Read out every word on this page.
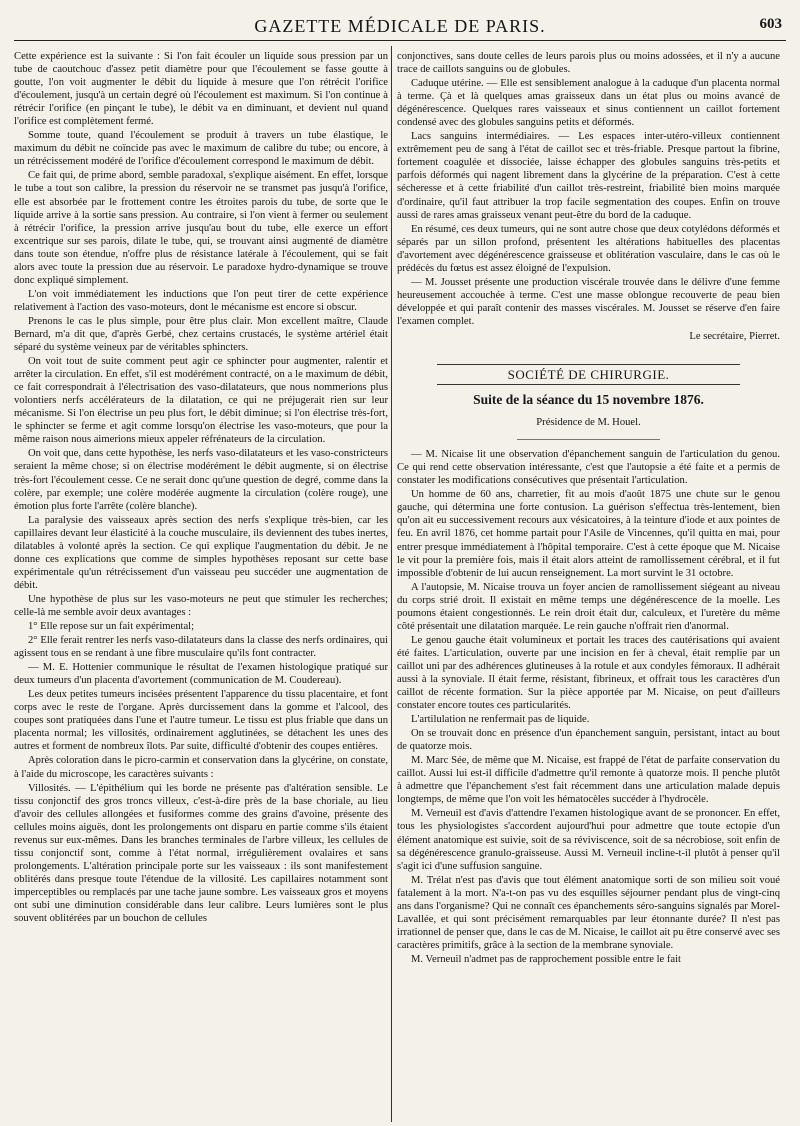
GAZETTE MÉDICALE DE PARIS.	603

Cette expérience est la suivante : Si l'on fait écouler un liquide sous pression par un tube de caoutchouc d'assez petit diamètre pour que l'écoulement se fasse goutte à goutte, l'on voit augmenter le débit du liquide à mesure que l'on rétrécit l'orifice d'écoulement, jusqu'à un certain degré où l'écoulement est maximum. Si l'on continue à rétrécir l'orifice (en pinçant le tube), le débit va en diminuant, et devient nul quand l'orifice est complètement fermé.

Somme toute, quand l'écoulement se produit à travers un tube élastique, le maximum du débit ne coïncide pas avec le maximum de calibre du tube; ou encore, à un rétrécissement modéré de l'orifice d'écoulement correspond le maximum de débit.

Ce fait qui, de prime abord, semble paradoxal, s'explique aisément. En effet, lorsque le tube a tout son calibre, la pression du réservoir ne se transmet pas jusqu'à l'orifice, elle est absorbée par le frottement contre les étroites parois du tube, de sorte que le liquide arrive à la sortie sans pression. Au contraire, si l'on vient à fermer ou seulement à rétrécir l'orifice, la pression arrive jusqu'au bout du tube, elle exerce un effort excentrique sur ses parois, dilate le tube, qui, se trouvant ainsi augmenté de diamètre dans toute son étendue, n'offre plus de résistance latérale à l'écoulement, qui se fait alors avec toute la pression due au réservoir. Le paradoxe hydro-dynamique se trouve donc expliqué simplement.

L'on voit immédiatement les inductions que l'on peut tirer de cette expérience relativement à l'action des vaso-moteurs, dont le mécanisme est encore si obscur.

Prenons le cas le plus simple, pour être plus clair. Mon excellent maître, Claude Bernard, m'a dit que, d'après Gerbé, chez certains crustacés, le système artériel était séparé du système veineux par de véritables sphincters.

On voit tout de suite comment peut agir ce sphincter pour augmenter, ralentir et arrêter la circulation. En effet, s'il est modérément contracté, on a le maximum de débit, ce fait correspondrait à l'électrisation des vaso-dilatateurs, que nous nommerions plus volontiers nerfs accélérateurs de la dilatation, ce qui ne préjugerait rien sur leur mécanisme. Si l'on électrise un peu plus fort, le débit diminue; si l'on électrise très-fort, le sphincter se ferme et agit comme lorsqu'on électrise les vaso-moteurs, que pour la même raison nous aimerions mieux appeler réfrénateurs de la circulation.

On voit que, dans cette hypothèse, les nerfs vaso-dilatateurs et les vaso-constricteurs seraient la même chose; si on électrise modérément le débit augmente, si on électrise très-fort l'écoulement cesse. Ce ne serait donc qu'une question de degré, comme dans la colère, par exemple; une colère modérée augmente la circulation (colère rouge), une émotion plus forte l'arrête (colère blanche).

La paralysie des vaisseaux après section des nerfs s'explique très-bien, car les capillaires devant leur élasticité à la couche musculaire, ils deviennent des tubes inertes, dilatables à volonté après la section. Ce qui explique l'augmentation du débit. Je ne donne ces explications que comme de simples hypothèses reposant sur cette base expérimentale qu'un rétrécissement d'un vaisseau peu succéder une augmentation de débit.

Une hypothèse de plus sur les vaso-moteurs ne peut que stimuler les recherches; celle-là me semble avoir deux avantages :

1° Elle repose sur un fait expérimental;

2° Elle ferait rentrer les nerfs vaso-dilatateurs dans la classe des nerfs ordinaires, qui agissent tous en se rendant à une fibre musculaire qu'ils font contracter.

— M. E. Hottenier communique le résultat de l'examen histologique pratiqué sur deux tumeurs d'un placenta d'avortement (communication de M. Coudereau).

Les deux petites tumeurs incisées présentent l'apparence du tissu placentaire, et font corps avec le reste de l'organe. Après durcissement dans la gomme et l'alcool, des coupes sont pratiquées dans l'une et l'autre tumeur. Le tissu est plus friable que dans un placenta normal; les villosités, ordinairement agglutinées, se détachent les unes des autres et forment de nombreux îlots. Par suite, difficulté d'obtenir des coupes entières.

Après coloration dans le picro-carmin et conservation dans la glycérine, on constate, à l'aide du microscope, les caractères suivants :

Villosités. — L'épithélium qui les borde ne présente pas d'altération sensible. Le tissu conjonctif des gros troncs villeux, c'est-à-dire près de la base choriale, au lieu d'avoir des cellules allongées et fusiformes comme des grains d'avoine, présente des cellules moins aiguës, dont les prolongements ont disparu en partie comme s'ils étaient revenus sur eux-mêmes. Dans les branches terminales de l'arbre villeux, les cellules de tissu conjonctif sont, comme à l'état normal, irrégulièrement ovalaires et sans prolongements. L'altération principale porte sur les vaisseaux : ils sont manifestement oblitérés dans presque toute l'étendue de la villosité. Les capillaires notamment sont imperceptibles ou remplacés par une tache jaune sombre. Les vaisseaux gros et moyens ont subi une diminution considérable dans leur calibre. Leurs lumières sont le plus souvent oblitérées par un bouchon de cellules

conjonctives, sans doute celles de leurs parois plus ou moins adossées, et il n'y a aucune trace de caillots sanguins ou de globules.

Caduque utérine. — Elle est sensiblement analogue à la caduque d'un placenta normal à terme. Çà et là quelques amas graisseux dans un état plus ou moins avancé de dégénérescence. Quelques rares vaisseaux et sinus contiennent un caillot fortement condensé avec des globules sanguins petits et déformés.

Lacs sanguins intermédiaires. — Les espaces inter-utéro-villeux contiennent extrêmement peu de sang à l'état de caillot sec et très-friable. Presque partout la fibrine, fortement coagulée et dissociée, laisse échapper des globules sanguins très-petits et parfois déformés qui nagent librement dans la glycérine de la préparation. C'est à cette sécheresse et à cette friabilité d'un caillot très-restreint, friabilité bien moins marquée d'ordinaire, qu'il faut attribuer la trop facile segmentation des coupes. Enfin on trouve aussi de rares amas graisseux venant peut-être du bord de la caduque.

En résumé, ces deux tumeurs, qui ne sont autre chose que deux cotylédons déformés et séparés par un sillon profond, présentent les altérations habituelles des placentas d'avortement avec dégénérescence graisseuse et oblitération vasculaire, dans le cas où le prédécès du fœtus est assez éloigné de l'expulsion.

— M. Jousset présente une production viscérale trouvée dans le délivre d'une femme heureusement accouchée à terme. C'est une masse oblongue recouverte de peau bien développée et qui paraît contenir des masses viscérales. M. Jousset se réserve d'en faire l'examen complet.

Le secrétaire, Pierret.

SOCIÉTÉ DE CHIRURGIE.
Suite de la séance du 15 novembre 1876.
Présidence de M. Houel.

— M. Nicaise lit une observation d'épanchement sanguin de l'articulation du genou. Ce qui rend cette observation intéressante, c'est que l'autopsie a été faite et a permis de constater les modifications consécutives que présentait l'articulation.

Un homme de 60 ans, charretier, fit au mois d'août 1875 une chute sur le genou gauche, qui détermina une forte contusion. La guérison s'effectua très-lentement, bien qu'on ait eu successivement recours aux vésicatoires, à la teinture d'iode et aux pointes de feu. En avril 1876, cet homme partait pour l'Asile de Vincennes, qu'il quitta en mai, pour entrer presque immédiatement à l'hôpital temporaire. C'est à cette époque que M. Nicaise le vit pour la première fois, mais il était alors atteint de ramollissement cérébral, et il fut impossible d'obtenir de lui aucun renseignement. La mort survint le 31 octobre.

A l'autopsie, M. Nicaise trouva un foyer ancien de ramollissement siégeant au niveau du corps strié droit. Il existait en même temps une dégénérescence de la moelle. Les poumons étaient congestionnés. Le rein droit était dur, calculeux, et l'uretère du même côté présentait une dilatation marquée. Le rein gauche n'offrait rien d'anormal.

Le genou gauche était volumineux et portait les traces des cautérisations qui avaient été faites. L'articulation, ouverte par une incision en fer à cheval, était remplie par un caillot uni par des adhérences glutineuses à la rotule et aux condyles fémoraux. Il adhérait aussi à la synoviale. Il était ferme, résistant, fibrineux, et offrait tous les caractères d'un caillot de récente formation. Sur la pièce apportée par M. Nicaise, on peut d'ailleurs constater encore toutes ces particularités.

L'artilulation ne renfermait pas de liquide.

On se trouvait donc en présence d'un épanchement sanguin, persistant, intact au bout de quatorze mois.

M. Marc Sée, de même que M. Nicaise, est frappé de l'état de parfaite conservation du caillot. Aussi lui est-il difficile d'admettre qu'il remonte à quatorze mois. Il penche plutôt à admettre que l'épanchement s'est fait récemment dans une articulation malade depuis longtemps, de même que l'on voit les hématocèles succéder à l'hydrocèle.

M. Verneuil est d'avis d'attendre l'examen histologique avant de se prononcer. En effet, tous les physiologistes s'accordent aujourd'hui pour admettre que toute ectopie d'un élément anatomique est suivie, soit de sa réviviscence, soit de sa nécrobiose, soit enfin de sa dégénérescence granulo-graisseuse. Aussi M. Verneuil incline-t-il plutôt à penser qu'il s'agit ici d'une suffusion sanguine.

M. Trélat n'est pas d'avis que tout élément anatomique sorti de son milieu soit voué fatalement à la mort. N'a-t-on pas vu des esquilles séjourner pendant plus de vingt-cinq ans dans l'organisme? Qui ne connaît ces épanchements séro-sanguins signalés par Morel-Lavallée, et qui sont précisément remarquables par leur étonnante durée? Il n'est pas irrationnel de penser que, dans le cas de M. Nicaise, le caillot ait pu être conservé avec ses caractères primitifs, grâce à la section de la membrane synoviale.

M. Verneuil n'admet pas de rapprochement possible entre le fait
